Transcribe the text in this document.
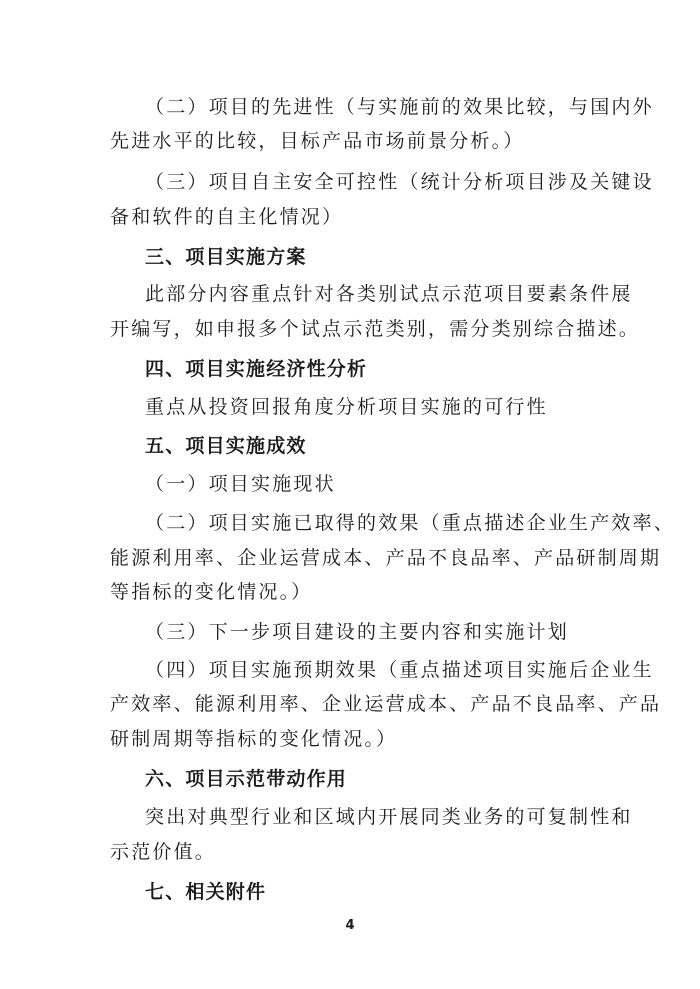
（二）项目的先进性（与实施前的效果比较，与国内外
先进水平的比较，目标产品市场前景分析。）
（三）项目自主安全可控性（统计分析项目涉及关键设
备和软件的自主化情况）
三、项目实施方案
此部分内容重点针对各类别试点示范项目要素条件展
开编写，如申报多个试点示范类别，需分类别综合描述。
四、项目实施经济性分析
重点从投资回报角度分析项目实施的可行性
五、项目实施成效
（一）项目实施现状
（二）项目实施已取得的效果（重点描述企业生产效率、
能源利用率、企业运营成本、产品不良品率、产品研制周期
等指标的变化情况。）
（三）下一步项目建设的主要内容和实施计划
（四）项目实施预期效果（重点描述项目实施后企业生
产效率、能源利用率、企业运营成本、产品不良品率、产品
研制周期等指标的变化情况。）
六、项目示范带动作用
突出对典型行业和区域内开展同类业务的可复制性和
示范价值。
七、相关附件
4
